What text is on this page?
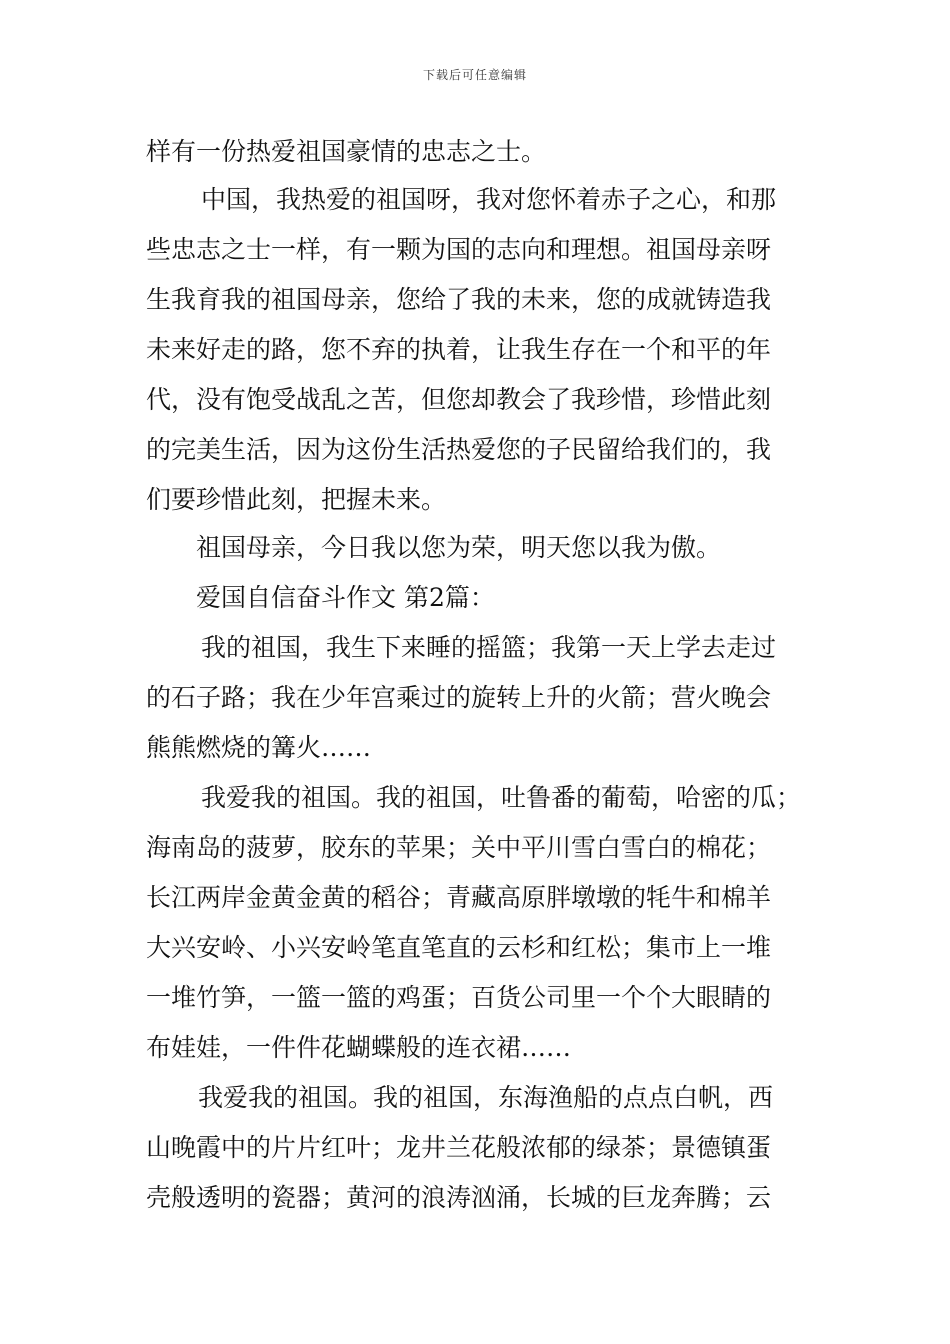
下载后可任意编辑
样有一份热爱祖国豪情的忠志之士。
中国，我热爱的祖国呀，我对您怀着赤子之心，和那
些忠志之士一样，有一颗为国的志向和理想。祖国母亲呀
生我育我的祖国母亲，您给了我的未来，您的成就铸造我
未来好走的路，您不弃的执着，让我生存在一个和平的年
代，没有饱受战乱之苦，但您却教会了我珍惜，珍惜此刻
的完美生活，因为这份生活热爱您的子民留给我们的，我
们要珍惜此刻，把握未来。
祖国母亲，今日我以您为荣，明天您以我为傲。
爱国自信奋斗作文 第2篇：
我的祖国，我生下来睡的摇篮；我第一天上学去走过
的石子路；我在少年宫乘过的旋转上升的火箭；营火晚会
熊熊燃烧的篝火……
我爱我的祖国。我的祖国，吐鲁番的葡萄，哈密的瓜；
海南岛的菠萝，胶东的苹果；关中平川雪白雪白的棉花；
长江两岸金黄金黄的稻谷；青藏高原胖墩墩的牦牛和棉羊
大兴安岭、小兴安岭笔直笔直的云杉和红松；集市上一堆
一堆竹笋，一篮一篮的鸡蛋；百货公司里一个个大眼睛的
布娃娃，一件件花蝴蝶般的连衣裙……
我爱我的祖国。我的祖国，东海渔船的点点白帆，西
山晚霞中的片片红叶；龙井兰花般浓郁的绿茶；景德镇蛋
壳般透明的瓷器；黄河的浪涛汹涌，长城的巨龙奔腾；云
